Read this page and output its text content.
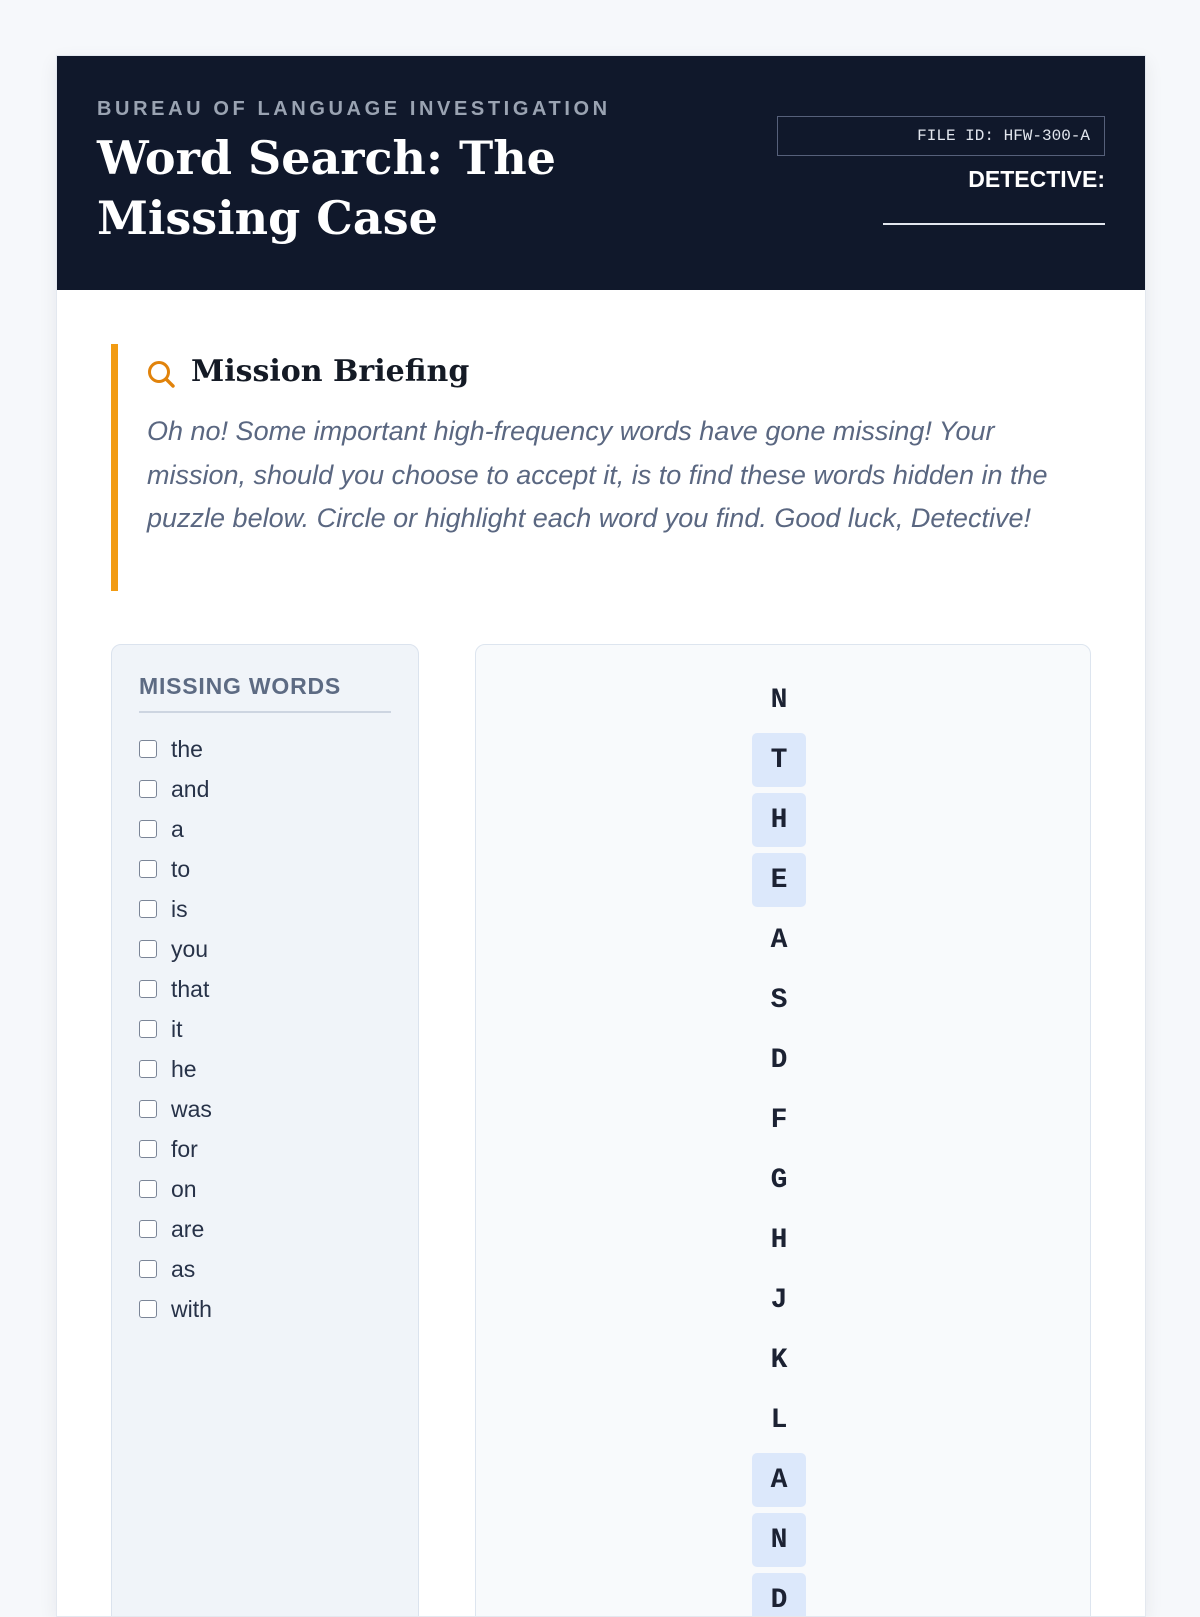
BUREAU OF LANGUAGE INVESTIGATION
Word Search: The Missing Case
FILE ID: HFW-300-A
DETECTIVE:
Mission Briefing

Oh no! Some important high-frequency words have gone missing! Your mission, should you choose to accept it, is to find these words hidden in the puzzle below. Circle or highlight each word you find. Good luck, Detective!

MISSING WORDS
the
and
a
to
is
you
that
it
he
was
for
on
are
as
with
N
T
H
E
A
S
D
F
G
H
J
K
L
A
N
D
